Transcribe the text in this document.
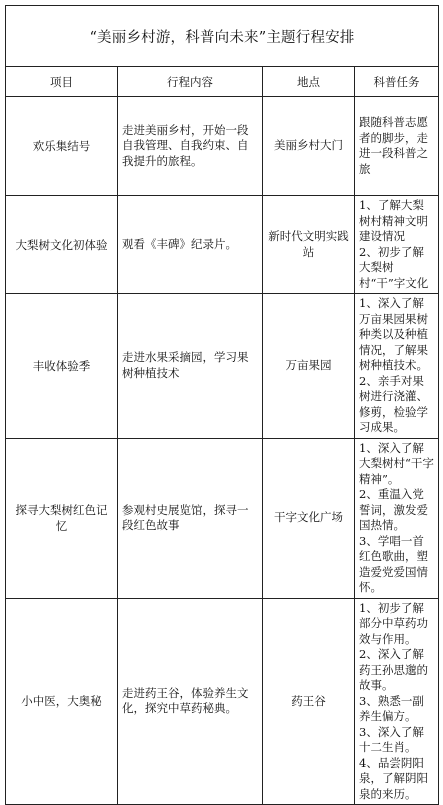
“美丽乡村游，科普向未来”主题行程安排			
项目	行程内容	地点	科普任务
欢乐集结号	走进美丽乡村，开始一段自我管理、自我约束、自我提升的旅程。	美丽乡村大门	跟随科普志愿者的脚步，走进一段科普之旅

大梨树文化初体验	观看《丰碑》纪录片。	新时代文明实践站	1、了解大梨树村精神文明建设情况
2、初步了解大梨树村“干”字文化

丰收体验季	走进水果采摘园，学习果树种植技术	万亩果园	1、深入了解万亩果园果树种类以及种植情况，了解果树种植技术。
2、亲手对果树进行浇灌、修剪，检验学习成果。

探寻大梨树红色记忆	参观村史展览馆，探寻一段红色故事	干字文化广场	1、深入了解大梨树村“干字精神”。
2、重温入党誓词，激发爱国热情。
3、学唱一首红色歌曲，塑造爱党爱国情怀。

小中医，大奥秘	走进药王谷，体验养生文化，探究中草药秘典。	药王谷	1、初步了解部分中草药功效与作用。
2、深入了解药王孙思邈的故事。
3、熟悉一副养生偏方。
3、深入了解十二生肖。
4、品尝阴阳泉，了解阴阳泉的来历。
